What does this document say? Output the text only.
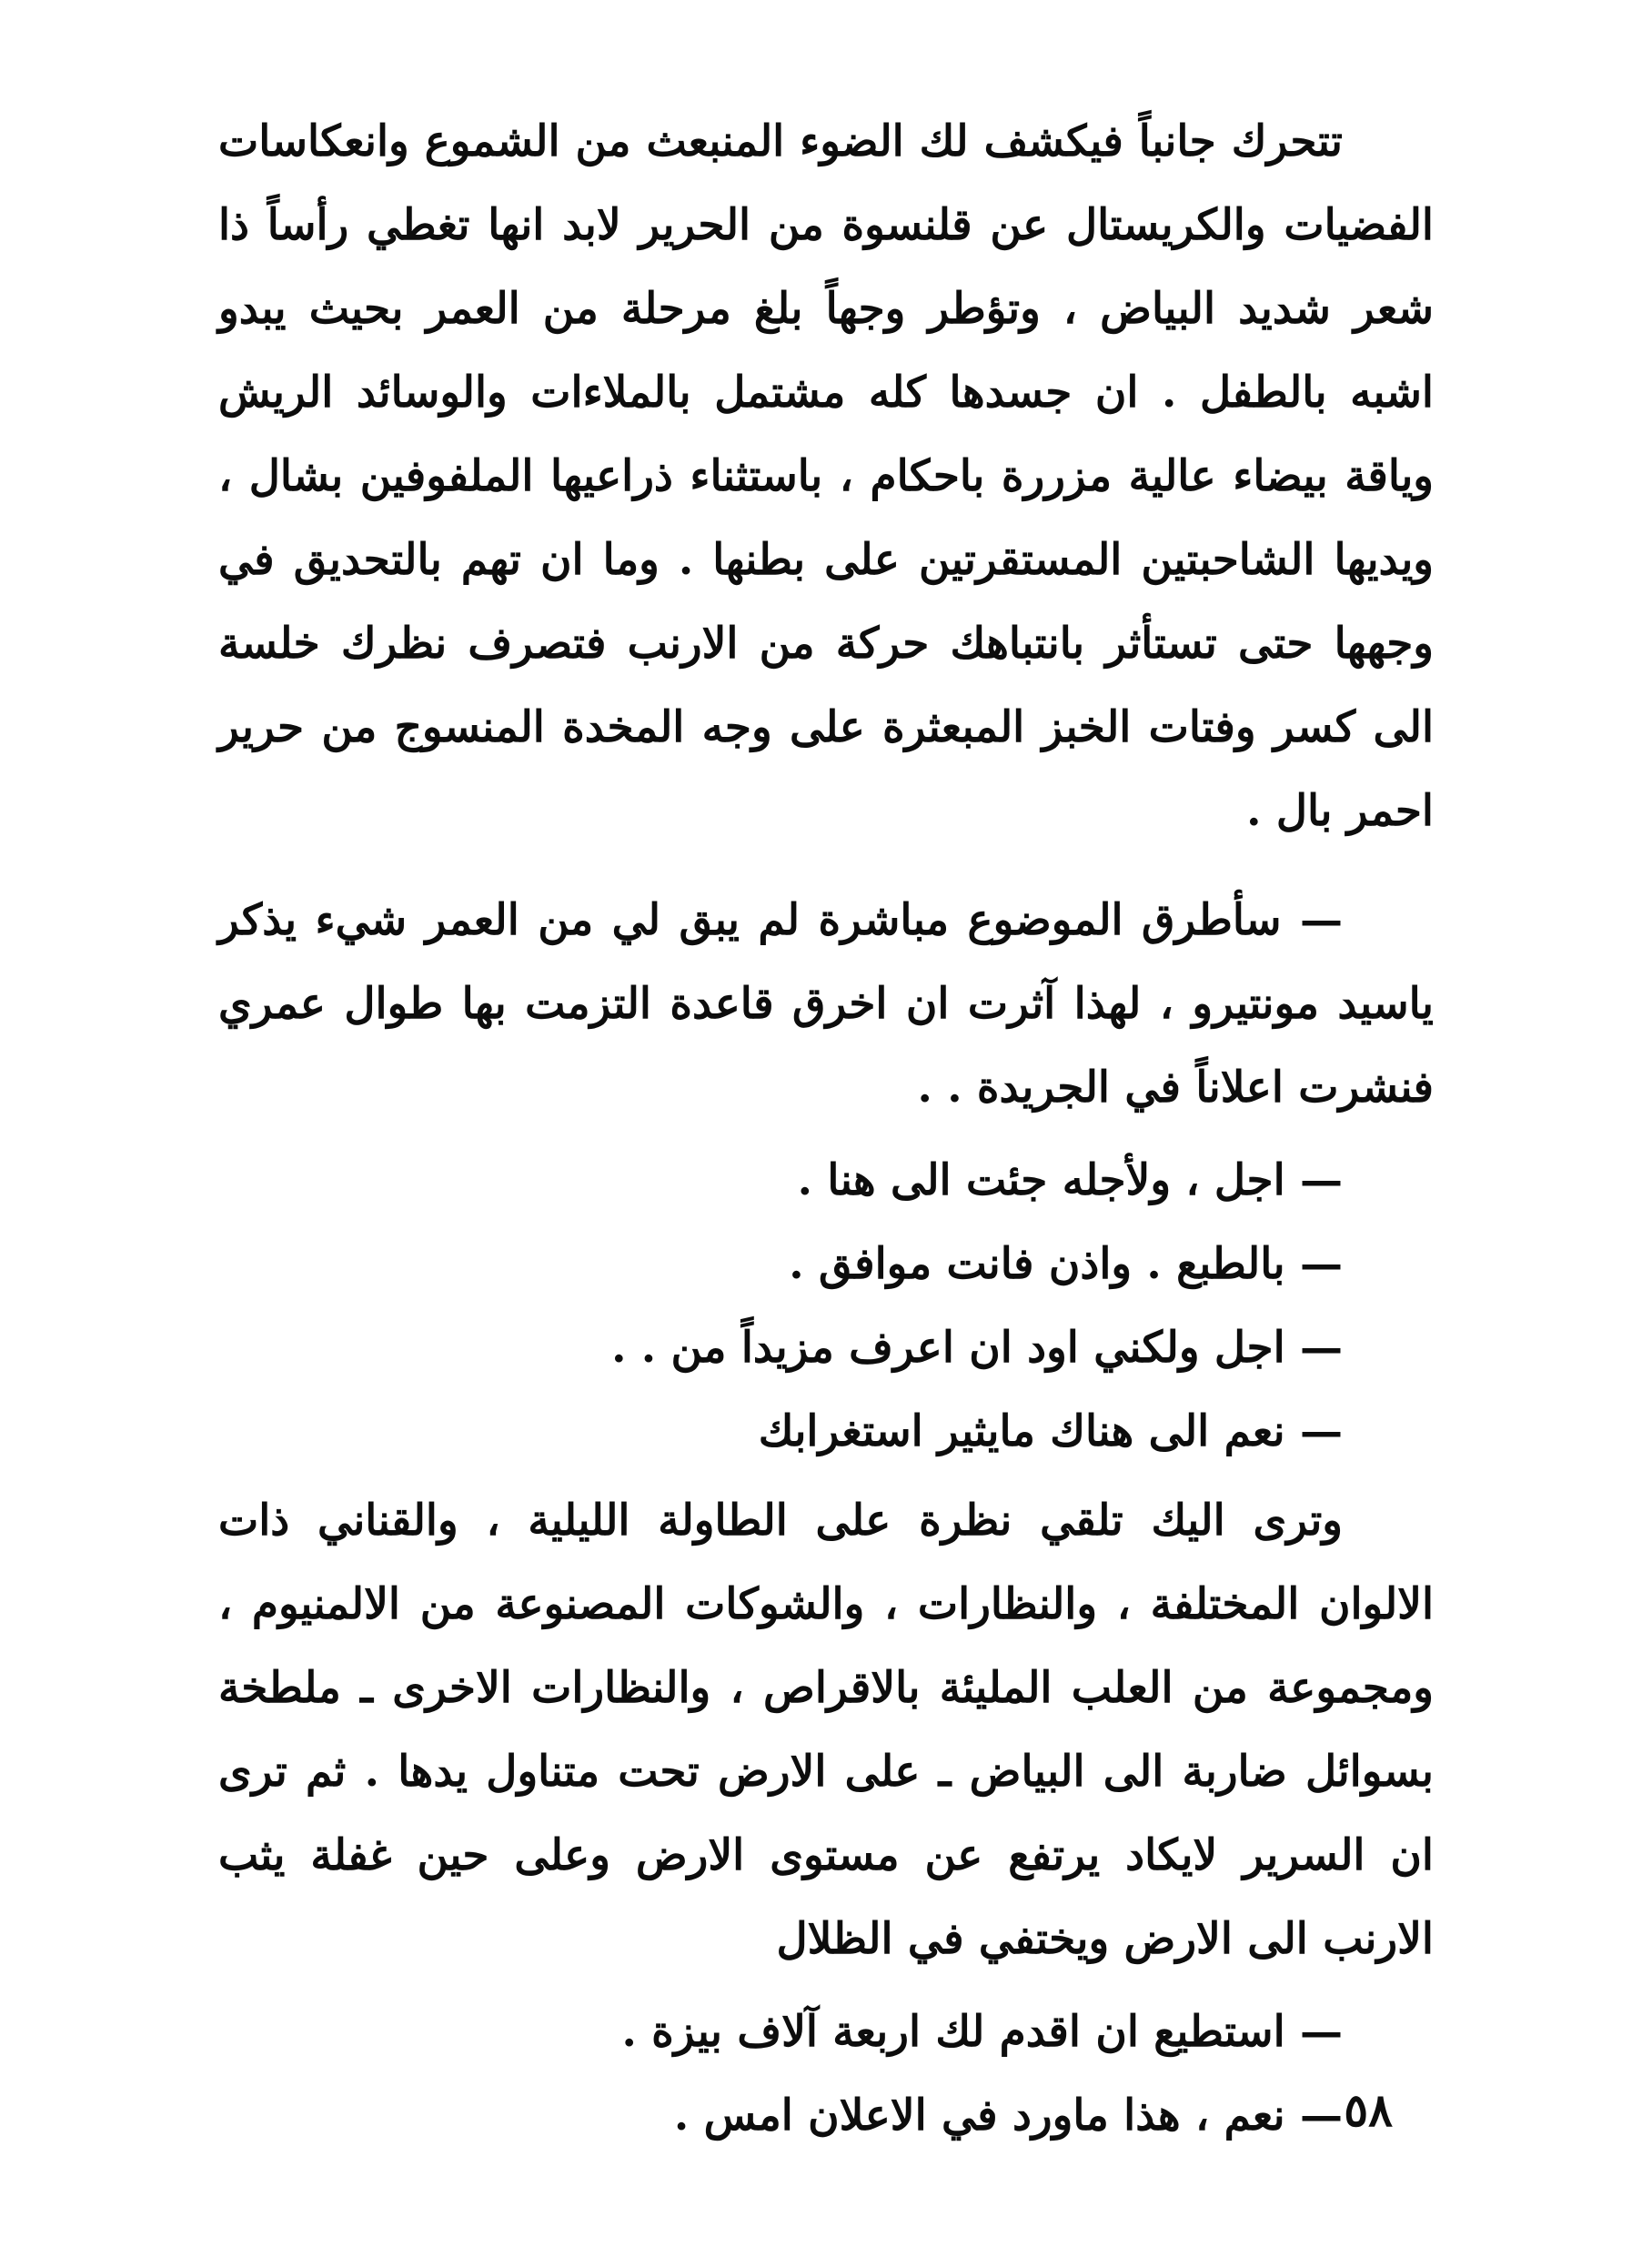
تتحرك جانباً فيكشف لك الضوء المنبعث من الشموع وانعكاسات الفضيات والكريستال عن قلنسوة من الحرير لابد انها تغطي رأساً ذا شعر شديد البياض ، وتؤطر وجهاً بلغ مرحلة من العمر بحيث يبدو اشبه بالطفل . ان جسدها كله مشتمل بالملاءات والوسائد الريش وياقة بيضاء عالية مزررة باحكام ، باستثناء ذراعيها الملفوفين بشال ، ويديها الشاحبتين المستقرتين على بطنها . وما ان تهم بالتحديق في وجهها حتى تستأثر بانتباهك حركة من الارنب فتصرف نظرك خلسة الى كسر وفتات الخبز المبعثرة على وجه المخدة المنسوج من حرير احمر بال .

— سأطرق الموضوع مباشرة لم يبق لي من العمر شيء يذكر ياسيد مونتيرو ، لهذا آثرت ان اخرق قاعدة التزمت بها طوال عمري فنشرت اعلاناً في الجريدة . .

— اجل ، ولأجله جئت الى هنا .

— بالطبع . واذن فانت موافق .

— اجل ولكني اود ان اعرف مزيداً من . .

— نعم الى هناك مايثير استغرابك

وترى اليك تلقي نظرة على الطاولة الليلية ، والقناني ذات الالوان المختلفة ، والنظارات ، والشوكات المصنوعة من الالمنيوم ، ومجموعة من العلب المليئة بالاقراص ، والنظارات الاخرى ـ ملطخة بسوائل ضاربة الى البياض ـ على الارض تحت متناول يدها . ثم ترى ان السرير لايكاد يرتفع عن مستوى الارض وعلى حين غفلة يثب الارنب الى الارض ويختفي في الظلال

— استطيع ان اقدم لك اربعة آلاف بيزة .

— نعم ، هذا ماورد في الاعلان امس . ٥٨
